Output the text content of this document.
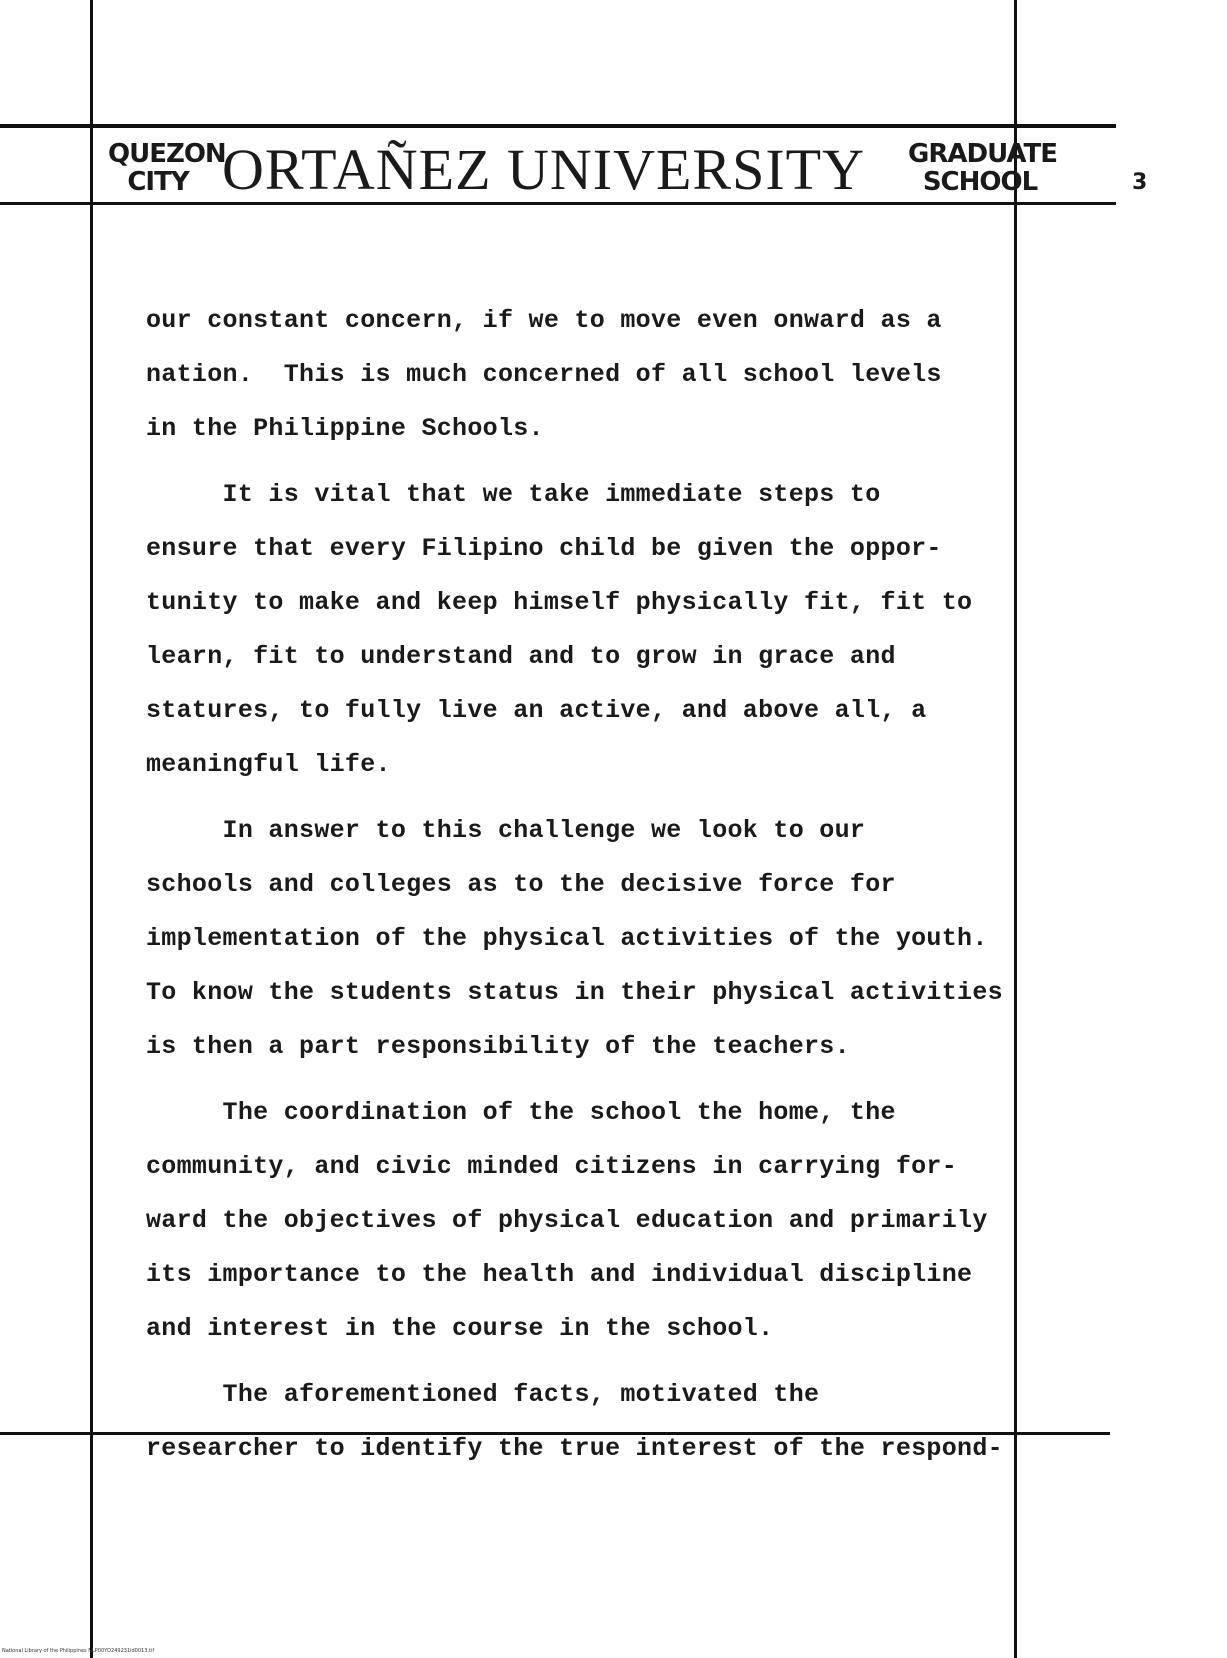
QUEZON
CITY ORTAÑEZ UNIVERSITY	GRADUATE
SCHOOL	3
our constant concern, if we to move even onward as a
nation.  This is much concerned of all school levels
in the Philippine Schools.
It is vital that we take immediate steps to
ensure that every Filipino child be given the oppor-
tunity to make and keep himself physically fit, fit to
learn, fit to understand and to grow in grace and
statures, to fully live an active, and above all, a
meaningful life.
In answer to this challenge we look to our
schools and colleges as to the decisive force for
implementation of the physical activities of the youth.
To know the students status in their physical activities
is then a part responsibility of the teachers.
The coordination of the school the home, the
community, and civic minded citizens in carrying for-
ward the objectives of physical education and primarily
its importance to the health and individual discipline
and interest in the course in the school.
The aforementioned facts, motivated the
researcher to identify the true interest of the respond-
National Library of the Philippines NLP00YD249231id0013.tif
